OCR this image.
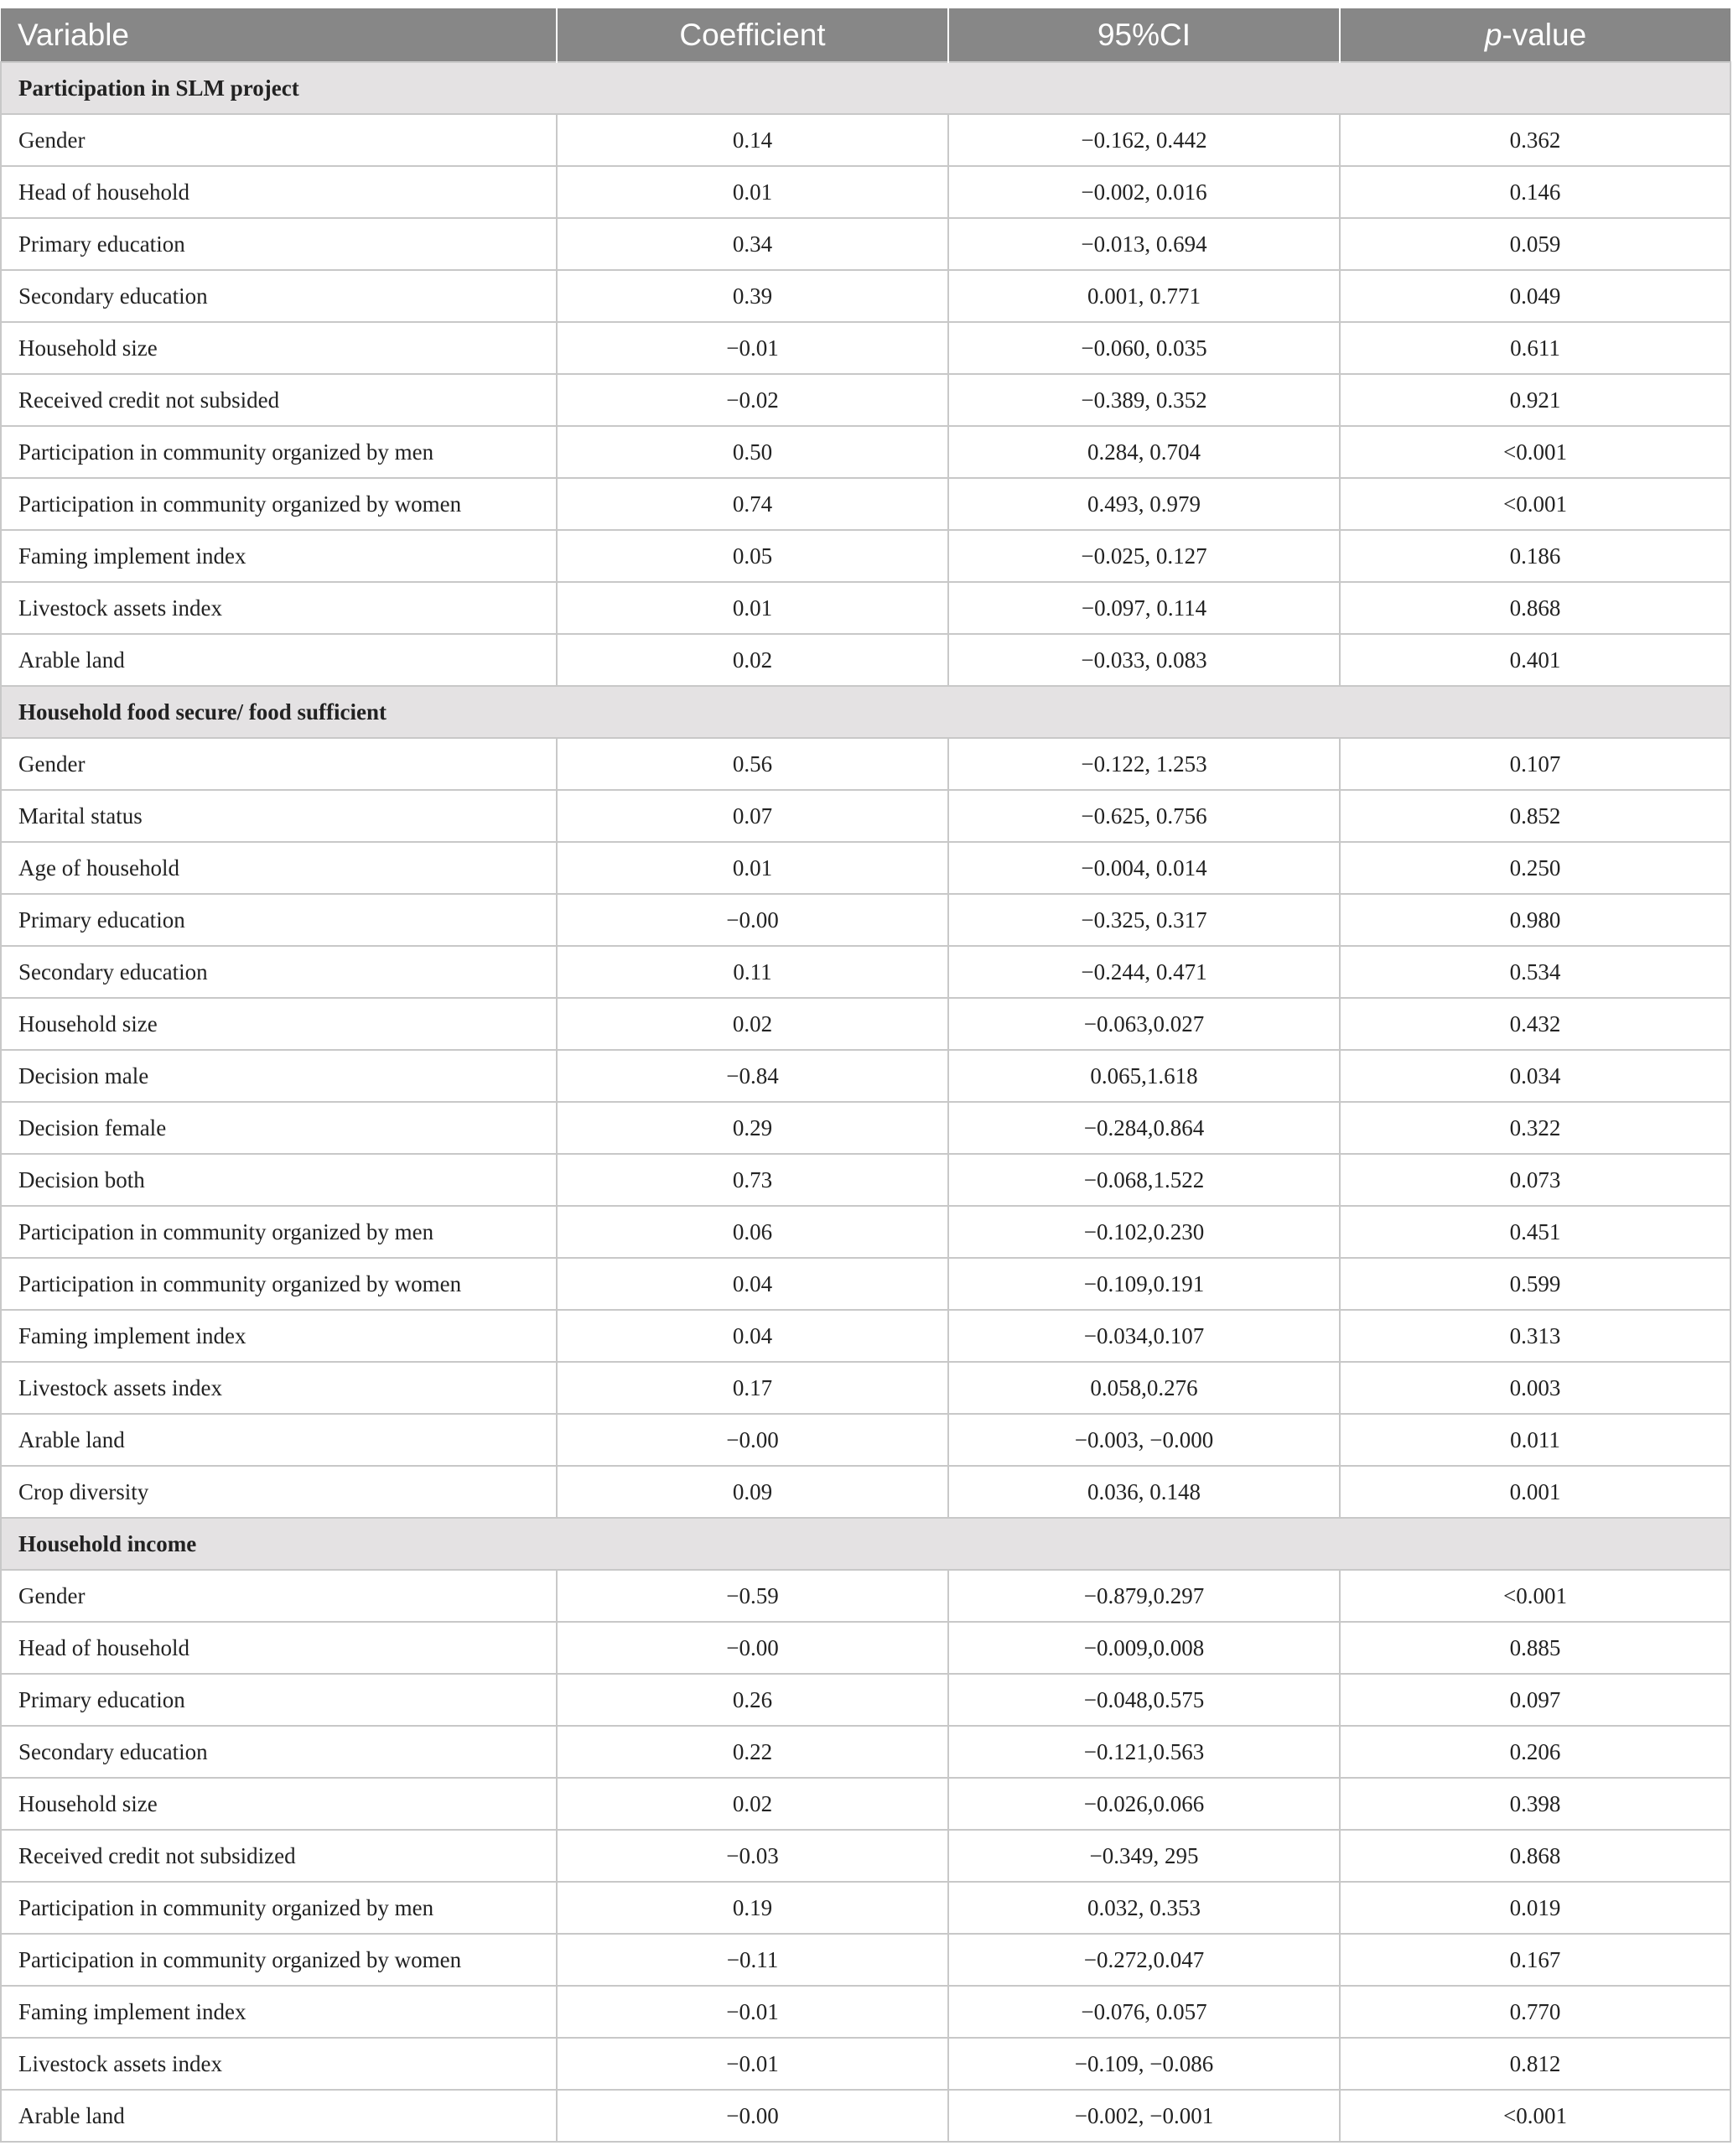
Variable	Coefficient	95%CI	p-value
Participation in SLM project			
Gender	0.14	−0.162, 0.442	0.362
Head of household	0.01	−0.002, 0.016	0.146
Primary education	0.34	−0.013, 0.694	0.059
Secondary education	0.39	0.001, 0.771	0.049
Household size	−0.01	−0.060, 0.035	0.611
Received credit not subsided	−0.02	−0.389, 0.352	0.921
Participation in community organized by men	0.50	0.284, 0.704	<0.001
Participation in community organized by women	0.74	0.493, 0.979	<0.001
Faming implement index	0.05	−0.025, 0.127	0.186
Livestock assets index	0.01	−0.097, 0.114	0.868
Arable land	0.02	−0.033, 0.083	0.401
Household food secure/ food sufficient			
Gender	0.56	−0.122, 1.253	0.107
Marital status	0.07	−0.625, 0.756	0.852
Age of household	0.01	−0.004, 0.014	0.250
Primary education	−0.00	−0.325, 0.317	0.980
Secondary education	0.11	−0.244, 0.471	0.534
Household size	0.02	−0.063,0.027	0.432
Decision male	−0.84	0.065,1.618	0.034
Decision female	0.29	−0.284,0.864	0.322
Decision both	0.73	−0.068,1.522	0.073
Participation in community organized by men	0.06	−0.102,0.230	0.451
Participation in community organized by women	0.04	−0.109,0.191	0.599
Faming implement index	0.04	−0.034,0.107	0.313
Livestock assets index	0.17	0.058,0.276	0.003
Arable land	−0.00	−0.003, −0.000	0.011
Crop diversity	0.09	0.036, 0.148	0.001
Household income			
Gender	−0.59	−0.879,0.297	<0.001
Head of household	−0.00	−0.009,0.008	0.885
Primary education	0.26	−0.048,0.575	0.097
Secondary education	0.22	−0.121,0.563	0.206
Household size	0.02	−0.026,0.066	0.398
Received credit not subsidized	−0.03	−0.349, 295	0.868
Participation in community organized by men	0.19	0.032, 0.353	0.019
Participation in community organized by women	−0.11	−0.272,0.047	0.167
Faming implement index	−0.01	−0.076, 0.057	0.770
Livestock assets index	−0.01	−0.109, −0.086	0.812
Arable land	−0.00	−0.002, −0.001	<0.001
